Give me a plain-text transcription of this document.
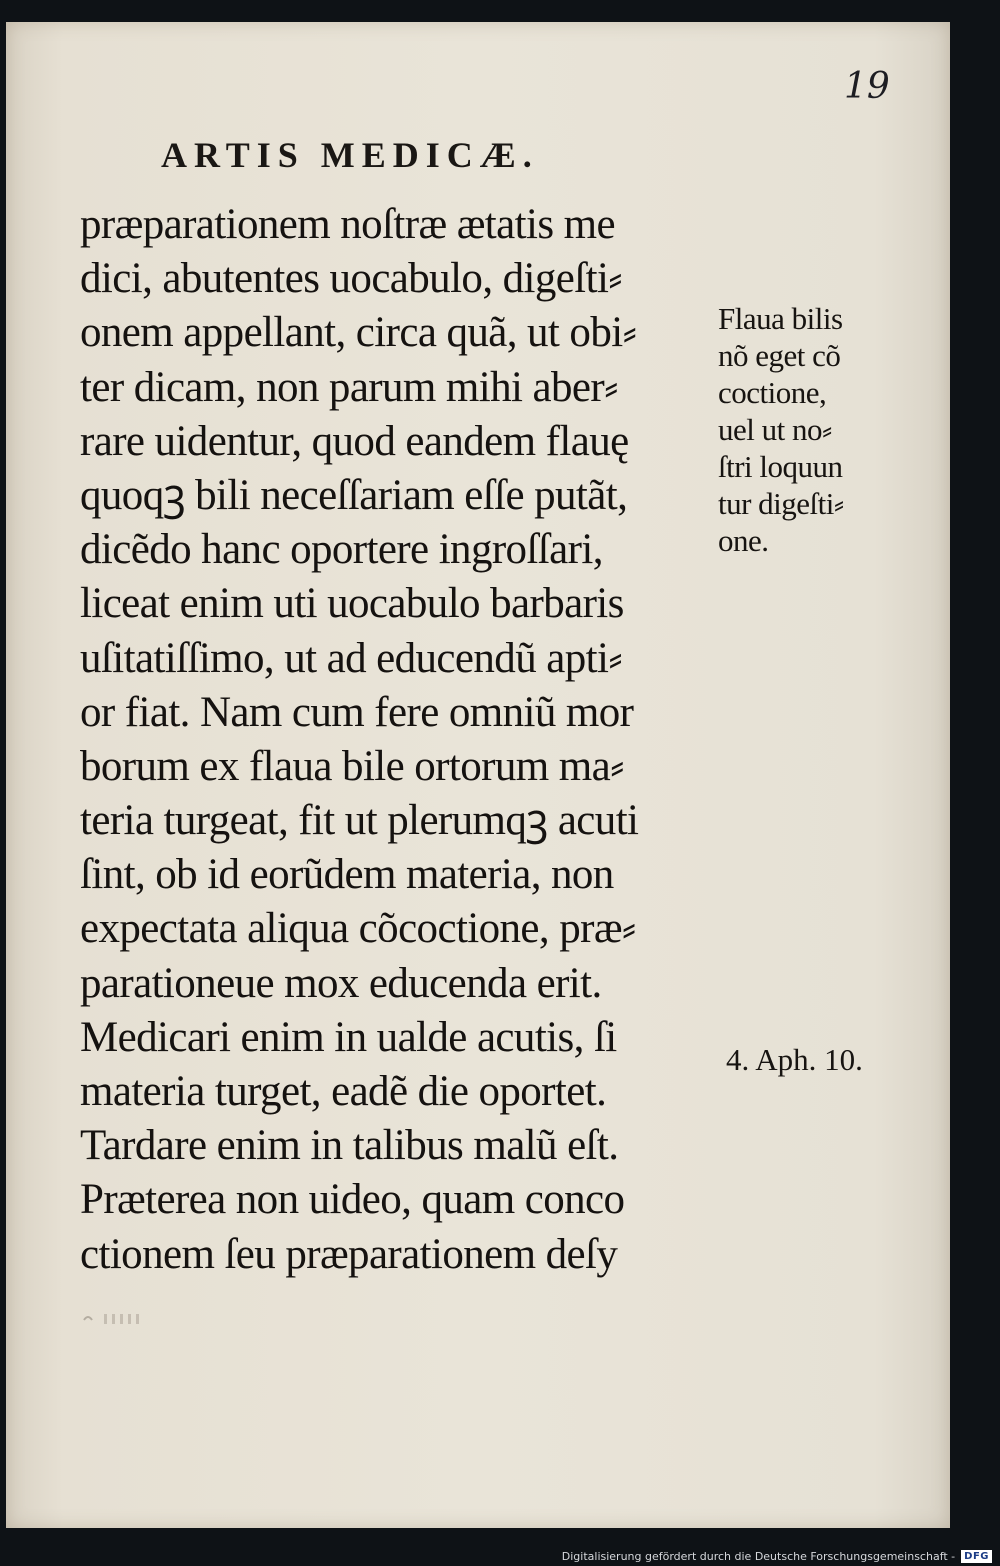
19
ARTIS MEDICÆ.
præparationem noſtræ ætatis me
dici, abutentes uocabulo, digeſti⸗
onem appellant, circa quã, ut obi⸗
ter dicam, non parum mihi aber⸗
rare uidentur, quod eandem flauę
quoqꝫ bili neceſſariam eſſe putãt,
dicẽdo hanc oportere ingroſſari,
liceat enim uti uocabulo barbaris
uſitatiſſimo, ut ad educendũ apti⸗
or fiat. Nam cum fere omniũ mor
borum ex flaua bile ortorum ma⸗
teria turgeat, fit ut plerumqꝫ acuti
ſint, ob id eorũdem materia, non
expectata aliqua cõcoctione, præ⸗
parationeue mox educenda erit.
Medicari enim in ualde acutis, ſi
materia turget, eadẽ die oportet.
Tardare enim in talibus malũ eſt.
Præterea non uideo, quam conco
ctionem ſeu præparationem deſy
Flaua bilis
nõ eget cõ
coctione,
uel ut no⸗
ſtri loquun
tur digeſti⸗
one.
4. Aph. 10.
Digitalisierung gefördert durch die Deutsche Forschungsgemeinschaft - DFG
